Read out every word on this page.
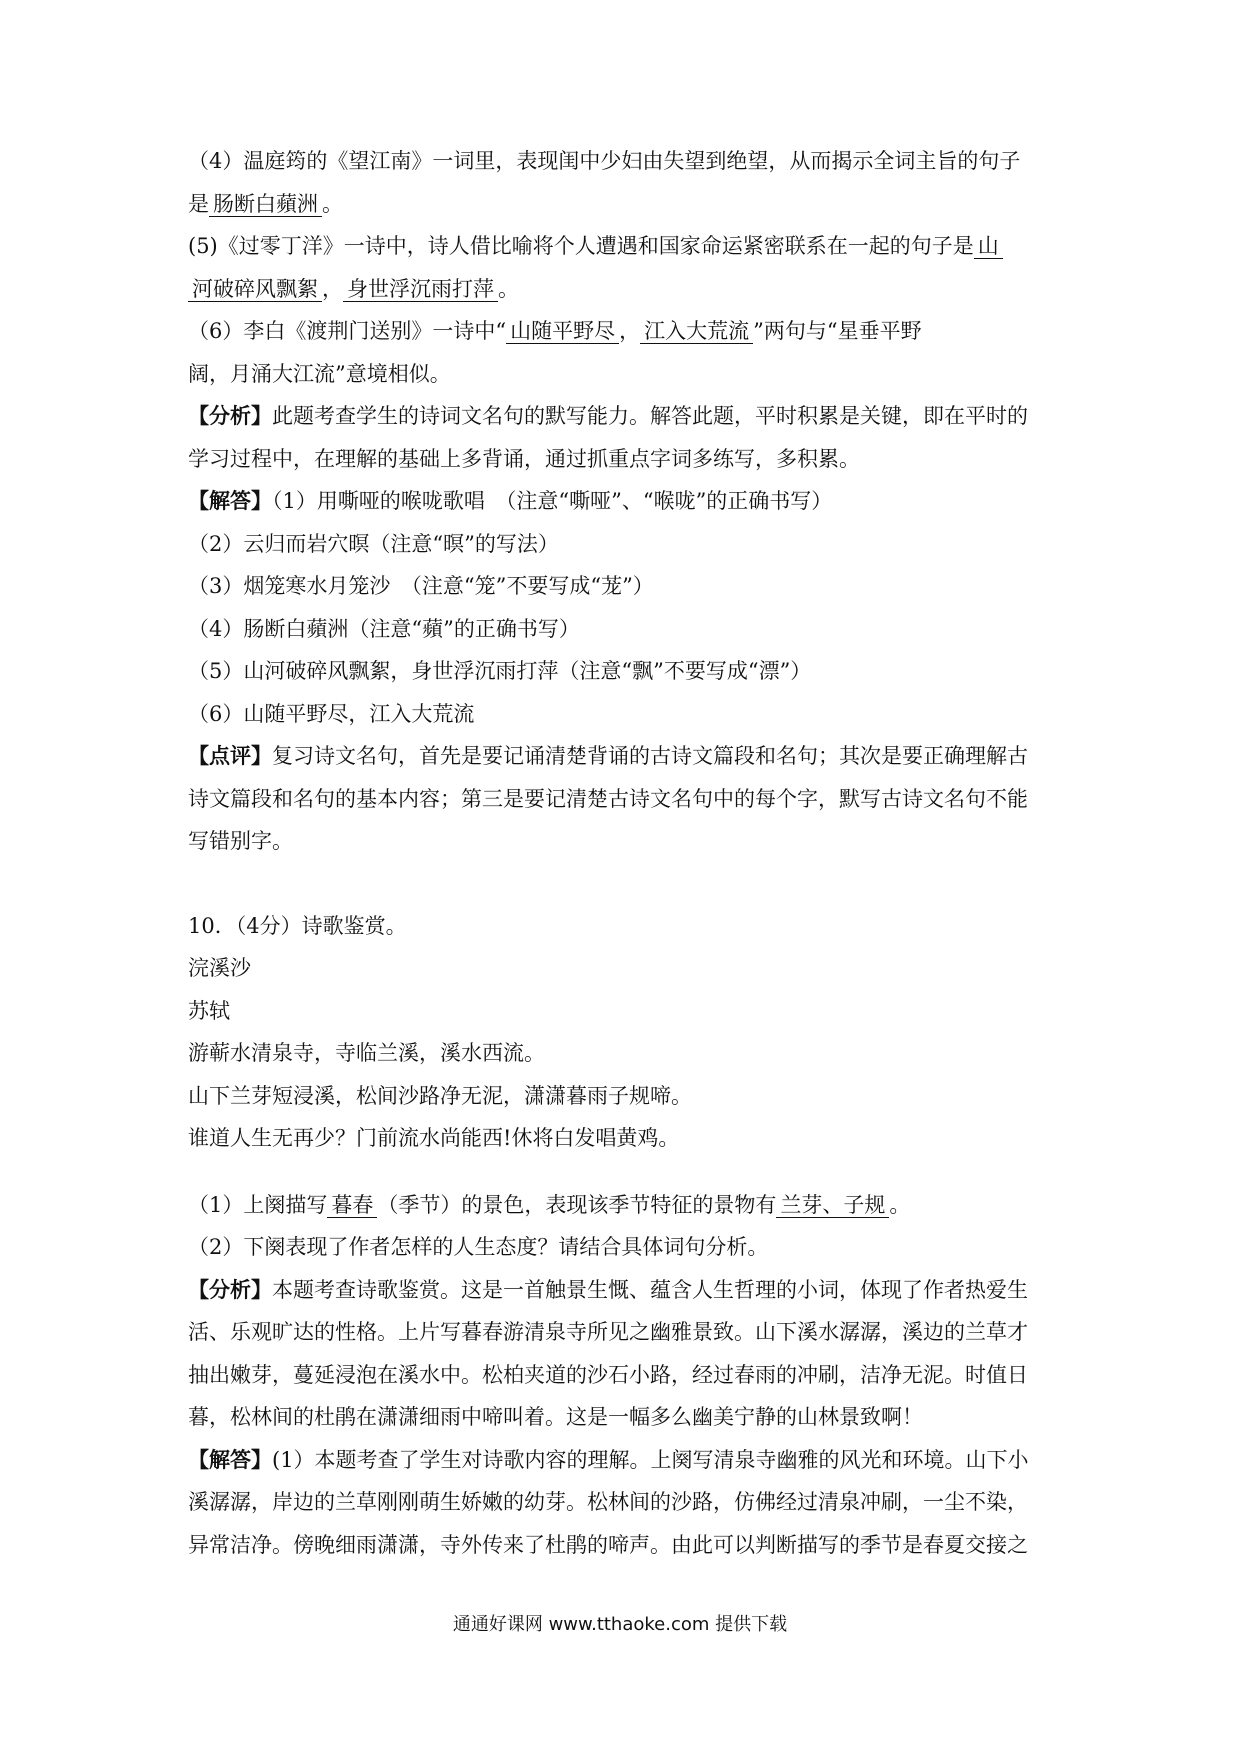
（4）温庭筠的《望江南》一词里，表现闺中少妇由失望到绝望，从而揭示全词主旨的句子
是 肠断白蘋洲 。
(5)《过零丁洋》一诗中，诗人借比喻将个人遭遇和国家命运紧密联系在一起的句子是 山
河破碎风飘絮 ， 身世浮沉雨打萍 。
（6）李白《渡荆门送别》一诗中“ 山随平野尽 ， 江入大荒流 ”两句与“星垂平野
阔，月涌大江流”意境相似。
【分析】此题考查学生的诗词文名句的默写能力。解答此题，平时积累是关键，即在平时的
学习过程中，在理解的基础上多背诵，通过抓重点字词多练写，多积累。
【解答】（1）用嘶哑的喉咙歌唱　（注意“嘶哑”、“喉咙”的正确书写）
（2）云归而岩穴暝（注意“暝”的写法）
（3）烟笼寒水月笼沙　（注意“笼”不要写成“茏”）
（4）肠断白蘋洲（注意“蘋”的正确书写）
（5）山河破碎风飘絮，身世浮沉雨打萍（注意“飘”不要写成“漂”）
（6）山随平野尽，江入大荒流
【点评】复习诗文名句，首先是要记诵清楚背诵的古诗文篇段和名句；其次是要正确理解古
诗文篇段和名句的基本内容；第三是要记清楚古诗文名句中的每个字，默写古诗文名句不能
写错别字。
10．（4分）诗歌鉴赏。
浣溪沙
苏轼
游蕲水清泉寺，寺临兰溪，溪水西流。
山下兰芽短浸溪，松间沙路净无泥，潇潇暮雨子规啼。
谁道人生无再少？门前流水尚能西!休将白发唱黄鸡。
（1）上阕描写 暮春 （季节）的景色，表现该季节特征的景物有 兰芽、子规 。
（2）下阕表现了作者怎样的人生态度？请结合具体词句分析。
【分析】本题考查诗歌鉴赏。这是一首触景生慨、蕴含人生哲理的小词，体现了作者热爱生
活、乐观旷达的性格。上片写暮春游清泉寺所见之幽雅景致。山下溪水潺潺，溪边的兰草才
抽出嫩芽，蔓延浸泡在溪水中。松柏夹道的沙石小路，经过春雨的冲刷，洁净无泥。时值日
暮，松林间的杜鹃在潇潇细雨中啼叫着。这是一幅多么幽美宁静的山林景致啊！
【解答】(1）本题考查了学生对诗歌内容的理解。上阕写清泉寺幽雅的风光和环境。山下小
溪潺潺，岸边的兰草刚刚萌生娇嫩的幼芽。松林间的沙路，仿佛经过清泉冲刷，一尘不染，
异常洁净。傍晚细雨潇潇，寺外传来了杜鹃的啼声。由此可以判断描写的季节是春夏交接之
通通好课网 www.tthaoke.com 提供下载
